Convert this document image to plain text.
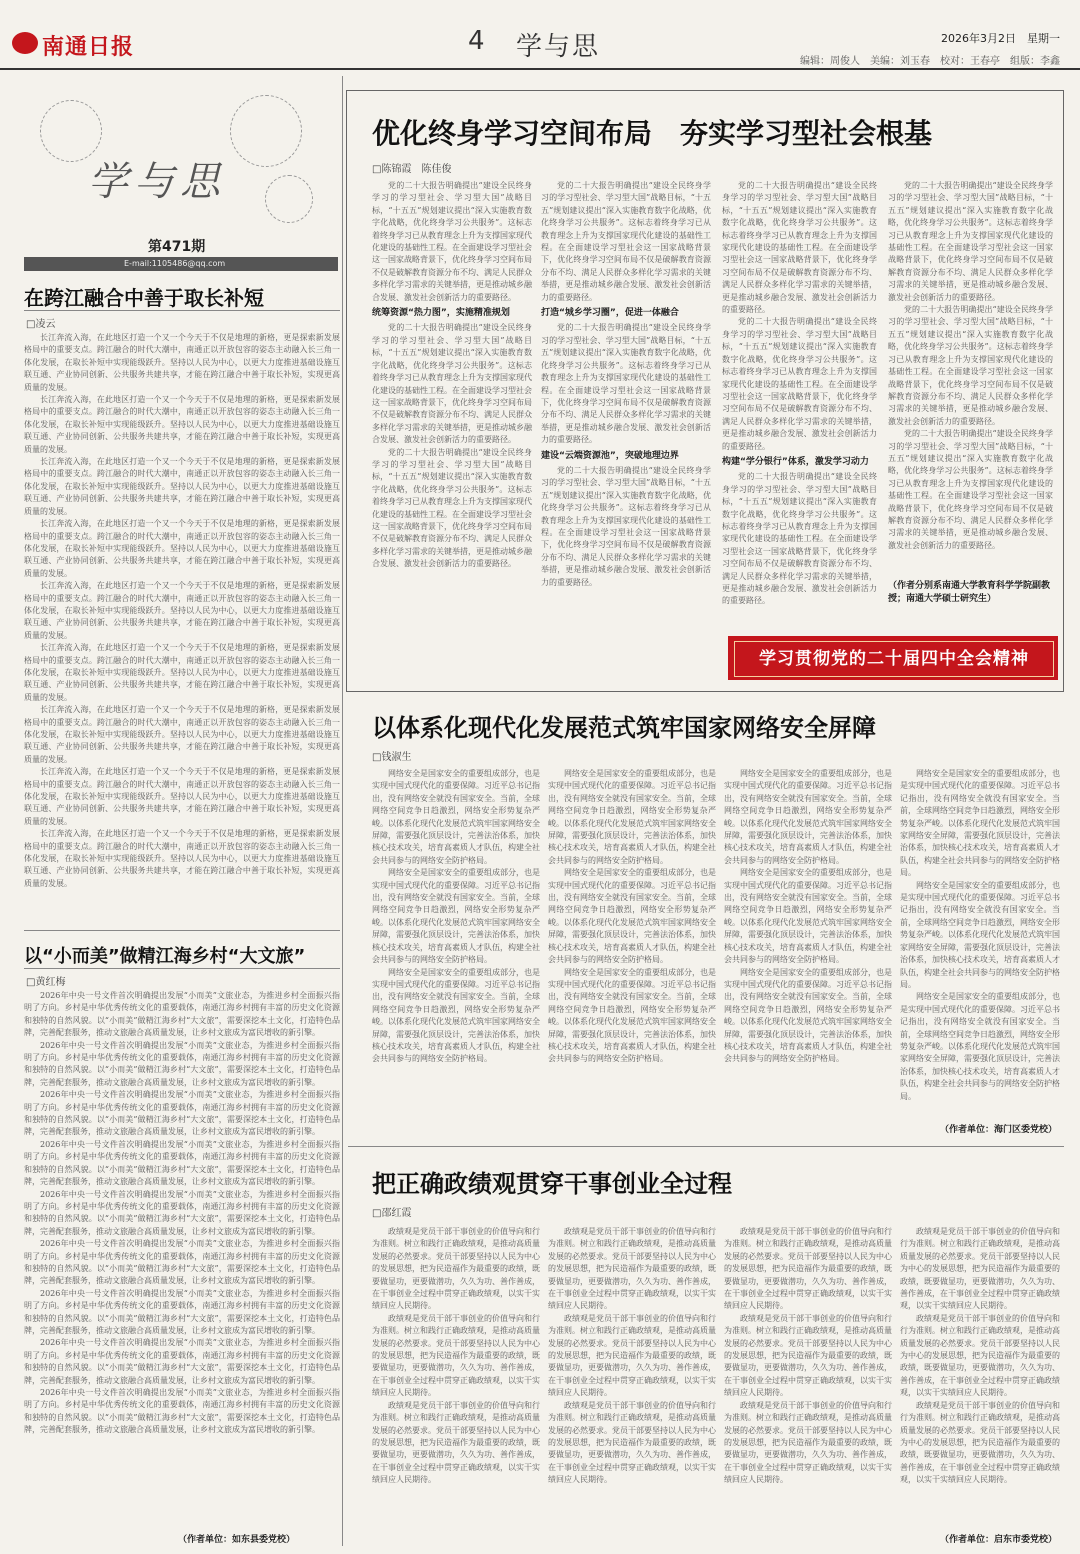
南通日报	4 学与思	2026年3月2日　星期一
编辑：周俊人　美编：刘玉春　校对：王春亭　组版：李鑫
学与思
第471期
E-mail:1105486@qq.com
在跨江融合中善于取长补短
□凌云

长江奔流入海，在此地区打造一个又一个今天于不仅是地理的新格，更是探索新发展格局中的重要支点。跨江融合的时代大潮中，南通正以开放包容的姿态主动融入长三角一体化发展，在取长补短中实现能级跃升。坚持以人民为中心，以更大力度推进基础设施互联互通、产业协同创新、公共服务共建共享，才能在跨江融合中善于取长补短，实现更高质量的发展。

长江奔流入海，在此地区打造一个又一个今天于不仅是地理的新格，更是探索新发展格局中的重要支点。跨江融合的时代大潮中，南通正以开放包容的姿态主动融入长三角一体化发展，在取长补短中实现能级跃升。坚持以人民为中心，以更大力度推进基础设施互联互通、产业协同创新、公共服务共建共享，才能在跨江融合中善于取长补短，实现更高质量的发展。

长江奔流入海，在此地区打造一个又一个今天于不仅是地理的新格，更是探索新发展格局中的重要支点。跨江融合的时代大潮中，南通正以开放包容的姿态主动融入长三角一体化发展，在取长补短中实现能级跃升。坚持以人民为中心，以更大力度推进基础设施互联互通、产业协同创新、公共服务共建共享，才能在跨江融合中善于取长补短，实现更高质量的发展。

长江奔流入海，在此地区打造一个又一个今天于不仅是地理的新格，更是探索新发展格局中的重要支点。跨江融合的时代大潮中，南通正以开放包容的姿态主动融入长三角一体化发展，在取长补短中实现能级跃升。坚持以人民为中心，以更大力度推进基础设施互联互通、产业协同创新、公共服务共建共享，才能在跨江融合中善于取长补短，实现更高质量的发展。

长江奔流入海，在此地区打造一个又一个今天于不仅是地理的新格，更是探索新发展格局中的重要支点。跨江融合的时代大潮中，南通正以开放包容的姿态主动融入长三角一体化发展，在取长补短中实现能级跃升。坚持以人民为中心，以更大力度推进基础设施互联互通、产业协同创新、公共服务共建共享，才能在跨江融合中善于取长补短，实现更高质量的发展。

长江奔流入海，在此地区打造一个又一个今天于不仅是地理的新格，更是探索新发展格局中的重要支点。跨江融合的时代大潮中，南通正以开放包容的姿态主动融入长三角一体化发展，在取长补短中实现能级跃升。坚持以人民为中心，以更大力度推进基础设施互联互通、产业协同创新、公共服务共建共享，才能在跨江融合中善于取长补短，实现更高质量的发展。

长江奔流入海，在此地区打造一个又一个今天于不仅是地理的新格，更是探索新发展格局中的重要支点。跨江融合的时代大潮中，南通正以开放包容的姿态主动融入长三角一体化发展，在取长补短中实现能级跃升。坚持以人民为中心，以更大力度推进基础设施互联互通、产业协同创新、公共服务共建共享，才能在跨江融合中善于取长补短，实现更高质量的发展。

长江奔流入海，在此地区打造一个又一个今天于不仅是地理的新格，更是探索新发展格局中的重要支点。跨江融合的时代大潮中，南通正以开放包容的姿态主动融入长三角一体化发展，在取长补短中实现能级跃升。坚持以人民为中心，以更大力度推进基础设施互联互通、产业协同创新、公共服务共建共享，才能在跨江融合中善于取长补短，实现更高质量的发展。

长江奔流入海，在此地区打造一个又一个今天于不仅是地理的新格，更是探索新发展格局中的重要支点。跨江融合的时代大潮中，南通正以开放包容的姿态主动融入长三角一体化发展，在取长补短中实现能级跃升。坚持以人民为中心，以更大力度推进基础设施互联互通、产业协同创新、公共服务共建共享，才能在跨江融合中善于取长补短，实现更高质量的发展。

以“小而美”做精江海乡村“大文旅”
□黄红梅

2026年中央一号文件首次明确提出发展“小而美”文旅业态，为推进乡村全面振兴指明了方向。乡村是中华优秀传统文化的重要载体，南通江海乡村拥有丰富的历史文化资源和独特的自然风貌。以“小而美”做精江海乡村“大文旅”，需要深挖本土文化，打造特色品牌，完善配套服务，推动文旅融合高质量发展，让乡村文旅成为富民增收的新引擎。

2026年中央一号文件首次明确提出发展“小而美”文旅业态，为推进乡村全面振兴指明了方向。乡村是中华优秀传统文化的重要载体，南通江海乡村拥有丰富的历史文化资源和独特的自然风貌。以“小而美”做精江海乡村“大文旅”，需要深挖本土文化，打造特色品牌，完善配套服务，推动文旅融合高质量发展，让乡村文旅成为富民增收的新引擎。

2026年中央一号文件首次明确提出发展“小而美”文旅业态，为推进乡村全面振兴指明了方向。乡村是中华优秀传统文化的重要载体，南通江海乡村拥有丰富的历史文化资源和独特的自然风貌。以“小而美”做精江海乡村“大文旅”，需要深挖本土文化，打造特色品牌，完善配套服务，推动文旅融合高质量发展，让乡村文旅成为富民增收的新引擎。

2026年中央一号文件首次明确提出发展“小而美”文旅业态，为推进乡村全面振兴指明了方向。乡村是中华优秀传统文化的重要载体，南通江海乡村拥有丰富的历史文化资源和独特的自然风貌。以“小而美”做精江海乡村“大文旅”，需要深挖本土文化，打造特色品牌，完善配套服务，推动文旅融合高质量发展，让乡村文旅成为富民增收的新引擎。

2026年中央一号文件首次明确提出发展“小而美”文旅业态，为推进乡村全面振兴指明了方向。乡村是中华优秀传统文化的重要载体，南通江海乡村拥有丰富的历史文化资源和独特的自然风貌。以“小而美”做精江海乡村“大文旅”，需要深挖本土文化，打造特色品牌，完善配套服务，推动文旅融合高质量发展，让乡村文旅成为富民增收的新引擎。

2026年中央一号文件首次明确提出发展“小而美”文旅业态，为推进乡村全面振兴指明了方向。乡村是中华优秀传统文化的重要载体，南通江海乡村拥有丰富的历史文化资源和独特的自然风貌。以“小而美”做精江海乡村“大文旅”，需要深挖本土文化，打造特色品牌，完善配套服务，推动文旅融合高质量发展，让乡村文旅成为富民增收的新引擎。

2026年中央一号文件首次明确提出发展“小而美”文旅业态，为推进乡村全面振兴指明了方向。乡村是中华优秀传统文化的重要载体，南通江海乡村拥有丰富的历史文化资源和独特的自然风貌。以“小而美”做精江海乡村“大文旅”，需要深挖本土文化，打造特色品牌，完善配套服务，推动文旅融合高质量发展，让乡村文旅成为富民增收的新引擎。

2026年中央一号文件首次明确提出发展“小而美”文旅业态，为推进乡村全面振兴指明了方向。乡村是中华优秀传统文化的重要载体，南通江海乡村拥有丰富的历史文化资源和独特的自然风貌。以“小而美”做精江海乡村“大文旅”，需要深挖本土文化，打造特色品牌，完善配套服务，推动文旅融合高质量发展，让乡村文旅成为富民增收的新引擎。

2026年中央一号文件首次明确提出发展“小而美”文旅业态，为推进乡村全面振兴指明了方向。乡村是中华优秀传统文化的重要载体，南通江海乡村拥有丰富的历史文化资源和独特的自然风貌。以“小而美”做精江海乡村“大文旅”，需要深挖本土文化，打造特色品牌，完善配套服务，推动文旅融合高质量发展，让乡村文旅成为富民增收的新引擎。

（作者单位：如东县委党校）
优化终身学习空间布局　夯实学习型社会根基
□陈锦霞　陈佳俊

党的二十大报告明确提出“建设全民终身学习的学习型社会、学习型大国”战略目标，“十五五”规划建议提出“深入实施教育数字化战略，优化终身学习公共服务”。这标志着终身学习已从教育理念上升为支撑国家现代化建设的基础性工程。在全面建设学习型社会这一国家战略背景下，优化终身学习空间布局不仅是破解教育资源分布不均、满足人民群众多样化学习需求的关键举措，更是推动城乡融合发展、激发社会创新活力的重要路径。

统筹资源“热力图”，实施精准规划

党的二十大报告明确提出“建设全民终身学习的学习型社会、学习型大国”战略目标，“十五五”规划建议提出“深入实施教育数字化战略，优化终身学习公共服务”。这标志着终身学习已从教育理念上升为支撑国家现代化建设的基础性工程。在全面建设学习型社会这一国家战略背景下，优化终身学习空间布局不仅是破解教育资源分布不均、满足人民群众多样化学习需求的关键举措，更是推动城乡融合发展、激发社会创新活力的重要路径。

党的二十大报告明确提出“建设全民终身学习的学习型社会、学习型大国”战略目标，“十五五”规划建议提出“深入实施教育数字化战略，优化终身学习公共服务”。这标志着终身学习已从教育理念上升为支撑国家现代化建设的基础性工程。在全面建设学习型社会这一国家战略背景下，优化终身学习空间布局不仅是破解教育资源分布不均、满足人民群众多样化学习需求的关键举措，更是推动城乡融合发展、激发社会创新活力的重要路径。

党的二十大报告明确提出“建设全民终身学习的学习型社会、学习型大国”战略目标，“十五五”规划建议提出“深入实施教育数字化战略，优化终身学习公共服务”。这标志着终身学习已从教育理念上升为支撑国家现代化建设的基础性工程。在全面建设学习型社会这一国家战略背景下，优化终身学习空间布局不仅是破解教育资源分布不均、满足人民群众多样化学习需求的关键举措，更是推动城乡融合发展、激发社会创新活力的重要路径。

打造“城乡学习圈”，促进一体融合

党的二十大报告明确提出“建设全民终身学习的学习型社会、学习型大国”战略目标，“十五五”规划建议提出“深入实施教育数字化战略，优化终身学习公共服务”。这标志着终身学习已从教育理念上升为支撑国家现代化建设的基础性工程。在全面建设学习型社会这一国家战略背景下，优化终身学习空间布局不仅是破解教育资源分布不均、满足人民群众多样化学习需求的关键举措，更是推动城乡融合发展、激发社会创新活力的重要路径。

建设“云端资源池”，突破地理边界

党的二十大报告明确提出“建设全民终身学习的学习型社会、学习型大国”战略目标，“十五五”规划建议提出“深入实施教育数字化战略，优化终身学习公共服务”。这标志着终身学习已从教育理念上升为支撑国家现代化建设的基础性工程。在全面建设学习型社会这一国家战略背景下，优化终身学习空间布局不仅是破解教育资源分布不均、满足人民群众多样化学习需求的关键举措，更是推动城乡融合发展、激发社会创新活力的重要路径。

党的二十大报告明确提出“建设全民终身学习的学习型社会、学习型大国”战略目标，“十五五”规划建议提出“深入实施教育数字化战略，优化终身学习公共服务”。这标志着终身学习已从教育理念上升为支撑国家现代化建设的基础性工程。在全面建设学习型社会这一国家战略背景下，优化终身学习空间布局不仅是破解教育资源分布不均、满足人民群众多样化学习需求的关键举措，更是推动城乡融合发展、激发社会创新活力的重要路径。

党的二十大报告明确提出“建设全民终身学习的学习型社会、学习型大国”战略目标，“十五五”规划建议提出“深入实施教育数字化战略，优化终身学习公共服务”。这标志着终身学习已从教育理念上升为支撑国家现代化建设的基础性工程。在全面建设学习型社会这一国家战略背景下，优化终身学习空间布局不仅是破解教育资源分布不均、满足人民群众多样化学习需求的关键举措，更是推动城乡融合发展、激发社会创新活力的重要路径。

构建“学分银行”体系，激发学习动力

党的二十大报告明确提出“建设全民终身学习的学习型社会、学习型大国”战略目标，“十五五”规划建议提出“深入实施教育数字化战略，优化终身学习公共服务”。这标志着终身学习已从教育理念上升为支撑国家现代化建设的基础性工程。在全面建设学习型社会这一国家战略背景下，优化终身学习空间布局不仅是破解教育资源分布不均、满足人民群众多样化学习需求的关键举措，更是推动城乡融合发展、激发社会创新活力的重要路径。

党的二十大报告明确提出“建设全民终身学习的学习型社会、学习型大国”战略目标，“十五五”规划建议提出“深入实施教育数字化战略，优化终身学习公共服务”。这标志着终身学习已从教育理念上升为支撑国家现代化建设的基础性工程。在全面建设学习型社会这一国家战略背景下，优化终身学习空间布局不仅是破解教育资源分布不均、满足人民群众多样化学习需求的关键举措，更是推动城乡融合发展、激发社会创新活力的重要路径。

党的二十大报告明确提出“建设全民终身学习的学习型社会、学习型大国”战略目标，“十五五”规划建议提出“深入实施教育数字化战略，优化终身学习公共服务”。这标志着终身学习已从教育理念上升为支撑国家现代化建设的基础性工程。在全面建设学习型社会这一国家战略背景下，优化终身学习空间布局不仅是破解教育资源分布不均、满足人民群众多样化学习需求的关键举措，更是推动城乡融合发展、激发社会创新活力的重要路径。

党的二十大报告明确提出“建设全民终身学习的学习型社会、学习型大国”战略目标，“十五五”规划建议提出“深入实施教育数字化战略，优化终身学习公共服务”。这标志着终身学习已从教育理念上升为支撑国家现代化建设的基础性工程。在全面建设学习型社会这一国家战略背景下，优化终身学习空间布局不仅是破解教育资源分布不均、满足人民群众多样化学习需求的关键举措，更是推动城乡融合发展、激发社会创新活力的重要路径。

（作者分别系南通大学教育科学学院副教授；南通大学硕士研究生）
学习贯彻党的二十届四中全会精神
以体系化现代化发展范式筑牢国家网络安全屏障
□钱淑生

网络安全是国家安全的重要组成部分，也是实现中国式现代化的重要保障。习近平总书记指出，没有网络安全就没有国家安全。当前，全球网络空间竞争日趋激烈，网络安全形势复杂严峻。以体系化现代化发展范式筑牢国家网络安全屏障，需要强化顶层设计，完善法治体系，加快核心技术攻关，培育高素质人才队伍，构建全社会共同参与的网络安全防护格局。

网络安全是国家安全的重要组成部分，也是实现中国式现代化的重要保障。习近平总书记指出，没有网络安全就没有国家安全。当前，全球网络空间竞争日趋激烈，网络安全形势复杂严峻。以体系化现代化发展范式筑牢国家网络安全屏障，需要强化顶层设计，完善法治体系，加快核心技术攻关，培育高素质人才队伍，构建全社会共同参与的网络安全防护格局。

网络安全是国家安全的重要组成部分，也是实现中国式现代化的重要保障。习近平总书记指出，没有网络安全就没有国家安全。当前，全球网络空间竞争日趋激烈，网络安全形势复杂严峻。以体系化现代化发展范式筑牢国家网络安全屏障，需要强化顶层设计，完善法治体系，加快核心技术攻关，培育高素质人才队伍，构建全社会共同参与的网络安全防护格局。

网络安全是国家安全的重要组成部分，也是实现中国式现代化的重要保障。习近平总书记指出，没有网络安全就没有国家安全。当前，全球网络空间竞争日趋激烈，网络安全形势复杂严峻。以体系化现代化发展范式筑牢国家网络安全屏障，需要强化顶层设计，完善法治体系，加快核心技术攻关，培育高素质人才队伍，构建全社会共同参与的网络安全防护格局。

网络安全是国家安全的重要组成部分，也是实现中国式现代化的重要保障。习近平总书记指出，没有网络安全就没有国家安全。当前，全球网络空间竞争日趋激烈，网络安全形势复杂严峻。以体系化现代化发展范式筑牢国家网络安全屏障，需要强化顶层设计，完善法治体系，加快核心技术攻关，培育高素质人才队伍，构建全社会共同参与的网络安全防护格局。

网络安全是国家安全的重要组成部分，也是实现中国式现代化的重要保障。习近平总书记指出，没有网络安全就没有国家安全。当前，全球网络空间竞争日趋激烈，网络安全形势复杂严峻。以体系化现代化发展范式筑牢国家网络安全屏障，需要强化顶层设计，完善法治体系，加快核心技术攻关，培育高素质人才队伍，构建全社会共同参与的网络安全防护格局。

网络安全是国家安全的重要组成部分，也是实现中国式现代化的重要保障。习近平总书记指出，没有网络安全就没有国家安全。当前，全球网络空间竞争日趋激烈，网络安全形势复杂严峻。以体系化现代化发展范式筑牢国家网络安全屏障，需要强化顶层设计，完善法治体系，加快核心技术攻关，培育高素质人才队伍，构建全社会共同参与的网络安全防护格局。

网络安全是国家安全的重要组成部分，也是实现中国式现代化的重要保障。习近平总书记指出，没有网络安全就没有国家安全。当前，全球网络空间竞争日趋激烈，网络安全形势复杂严峻。以体系化现代化发展范式筑牢国家网络安全屏障，需要强化顶层设计，完善法治体系，加快核心技术攻关，培育高素质人才队伍，构建全社会共同参与的网络安全防护格局。

网络安全是国家安全的重要组成部分，也是实现中国式现代化的重要保障。习近平总书记指出，没有网络安全就没有国家安全。当前，全球网络空间竞争日趋激烈，网络安全形势复杂严峻。以体系化现代化发展范式筑牢国家网络安全屏障，需要强化顶层设计，完善法治体系，加快核心技术攻关，培育高素质人才队伍，构建全社会共同参与的网络安全防护格局。

网络安全是国家安全的重要组成部分，也是实现中国式现代化的重要保障。习近平总书记指出，没有网络安全就没有国家安全。当前，全球网络空间竞争日趋激烈，网络安全形势复杂严峻。以体系化现代化发展范式筑牢国家网络安全屏障，需要强化顶层设计，完善法治体系，加快核心技术攻关，培育高素质人才队伍，构建全社会共同参与的网络安全防护格局。

网络安全是国家安全的重要组成部分，也是实现中国式现代化的重要保障。习近平总书记指出，没有网络安全就没有国家安全。当前，全球网络空间竞争日趋激烈，网络安全形势复杂严峻。以体系化现代化发展范式筑牢国家网络安全屏障，需要强化顶层设计，完善法治体系，加快核心技术攻关，培育高素质人才队伍，构建全社会共同参与的网络安全防护格局。

网络安全是国家安全的重要组成部分，也是实现中国式现代化的重要保障。习近平总书记指出，没有网络安全就没有国家安全。当前，全球网络空间竞争日趋激烈，网络安全形势复杂严峻。以体系化现代化发展范式筑牢国家网络安全屏障，需要强化顶层设计，完善法治体系，加快核心技术攻关，培育高素质人才队伍，构建全社会共同参与的网络安全防护格局。

（作者单位：海门区委党校）
把正确政绩观贯穿干事创业全过程
□邵红霞

政绩观是党员干部干事创业的价值导向和行为准则。树立和践行正确政绩观，是推动高质量发展的必然要求。党员干部要坚持以人民为中心的发展思想，把为民造福作为最重要的政绩，既要做显功，更要做潜功，久久为功、善作善成，在干事创业全过程中贯穿正确政绩观，以实干实绩回应人民期待。

政绩观是党员干部干事创业的价值导向和行为准则。树立和践行正确政绩观，是推动高质量发展的必然要求。党员干部要坚持以人民为中心的发展思想，把为民造福作为最重要的政绩，既要做显功，更要做潜功，久久为功、善作善成，在干事创业全过程中贯穿正确政绩观，以实干实绩回应人民期待。

政绩观是党员干部干事创业的价值导向和行为准则。树立和践行正确政绩观，是推动高质量发展的必然要求。党员干部要坚持以人民为中心的发展思想，把为民造福作为最重要的政绩，既要做显功，更要做潜功，久久为功、善作善成，在干事创业全过程中贯穿正确政绩观，以实干实绩回应人民期待。

政绩观是党员干部干事创业的价值导向和行为准则。树立和践行正确政绩观，是推动高质量发展的必然要求。党员干部要坚持以人民为中心的发展思想，把为民造福作为最重要的政绩，既要做显功，更要做潜功，久久为功、善作善成，在干事创业全过程中贯穿正确政绩观，以实干实绩回应人民期待。

政绩观是党员干部干事创业的价值导向和行为准则。树立和践行正确政绩观，是推动高质量发展的必然要求。党员干部要坚持以人民为中心的发展思想，把为民造福作为最重要的政绩，既要做显功，更要做潜功，久久为功、善作善成，在干事创业全过程中贯穿正确政绩观，以实干实绩回应人民期待。

政绩观是党员干部干事创业的价值导向和行为准则。树立和践行正确政绩观，是推动高质量发展的必然要求。党员干部要坚持以人民为中心的发展思想，把为民造福作为最重要的政绩，既要做显功，更要做潜功，久久为功、善作善成，在干事创业全过程中贯穿正确政绩观，以实干实绩回应人民期待。

政绩观是党员干部干事创业的价值导向和行为准则。树立和践行正确政绩观，是推动高质量发展的必然要求。党员干部要坚持以人民为中心的发展思想，把为民造福作为最重要的政绩，既要做显功，更要做潜功，久久为功、善作善成，在干事创业全过程中贯穿正确政绩观，以实干实绩回应人民期待。

政绩观是党员干部干事创业的价值导向和行为准则。树立和践行正确政绩观，是推动高质量发展的必然要求。党员干部要坚持以人民为中心的发展思想，把为民造福作为最重要的政绩，既要做显功，更要做潜功，久久为功、善作善成，在干事创业全过程中贯穿正确政绩观，以实干实绩回应人民期待。

政绩观是党员干部干事创业的价值导向和行为准则。树立和践行正确政绩观，是推动高质量发展的必然要求。党员干部要坚持以人民为中心的发展思想，把为民造福作为最重要的政绩，既要做显功，更要做潜功，久久为功、善作善成，在干事创业全过程中贯穿正确政绩观，以实干实绩回应人民期待。

政绩观是党员干部干事创业的价值导向和行为准则。树立和践行正确政绩观，是推动高质量发展的必然要求。党员干部要坚持以人民为中心的发展思想，把为民造福作为最重要的政绩，既要做显功，更要做潜功，久久为功、善作善成，在干事创业全过程中贯穿正确政绩观，以实干实绩回应人民期待。

政绩观是党员干部干事创业的价值导向和行为准则。树立和践行正确政绩观，是推动高质量发展的必然要求。党员干部要坚持以人民为中心的发展思想，把为民造福作为最重要的政绩，既要做显功，更要做潜功，久久为功、善作善成，在干事创业全过程中贯穿正确政绩观，以实干实绩回应人民期待。

政绩观是党员干部干事创业的价值导向和行为准则。树立和践行正确政绩观，是推动高质量发展的必然要求。党员干部要坚持以人民为中心的发展思想，把为民造福作为最重要的政绩，既要做显功，更要做潜功，久久为功、善作善成，在干事创业全过程中贯穿正确政绩观，以实干实绩回应人民期待。

（作者单位：启东市委党校）
